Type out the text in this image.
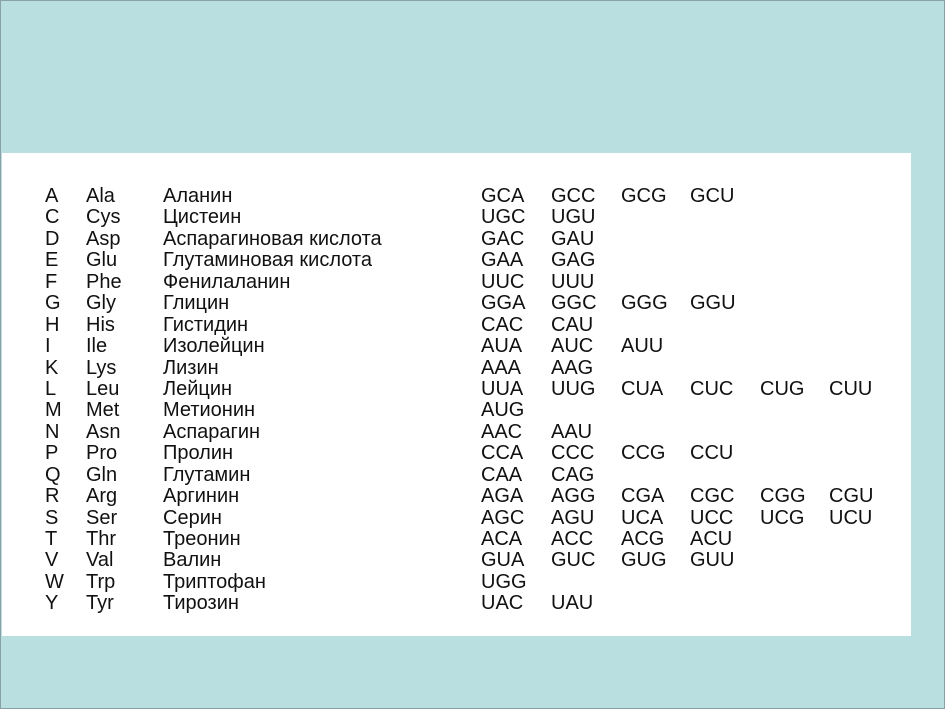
A Ala Аланин	GCA GCC GCG GCU
C Cys Цистеин	UGC UGU
D Asp Аспарагиновая кислота	GAC GAU
E Glu Глутаминовая кислота	GAA GAG
F Phe Фенилаланин	UUC UUU
G Gly Глицин	GGA GGC GGG GGU
H His Гистидин	CAC CAU
I Ile	Изолейцин	AUA AUC AUU
K Lys Лизин	AAA AAG
L Leu Лейцин	UUA UUG CUA CUC CUG CUU
M Met Метионин	AUG
N Asn Аспарагин	AAC AAU
P Pro Пролин	CCA CCC CCG CCU
Q Gln Глутамин	CAA CAG
R Arg Аргинин	AGA AGG CGA CGC CGG CGU
S Ser Серин	AGC AGU UCA UCC UCG UCU
T Thr Треонин	ACA ACC ACG ACU
V Val Валин	GUA GUC GUG GUU
W Trp Триптофан	UGG
Y Tyr Тирозин	UAC UAU
